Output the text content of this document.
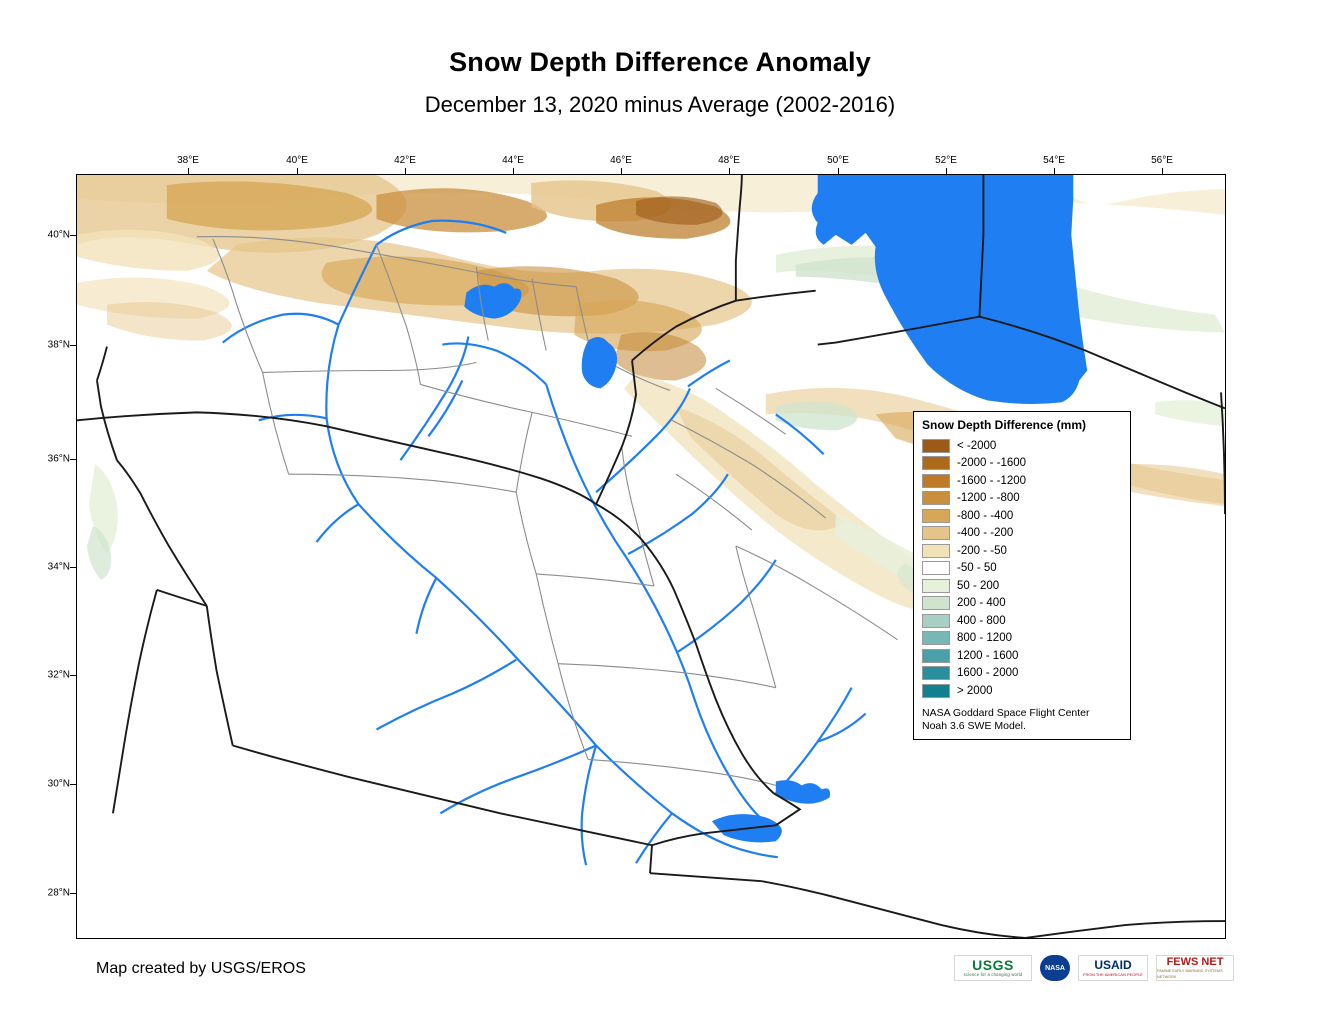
Snow Depth Difference Anomaly
December 13, 2020 minus Average (2002-2016)
38°E	40°E	42°E	44°E	46°E	48°E	50°E	52°E	54°E	56°E
40°N
38°N
36°N
34°N
32°N
30°N
28°N
Snow Depth Difference (mm)
< -2000
-2000 - -1600
-1600 - -1200
-1200 - -800
-800 - -400
-400 - -200
-200 - -50
-50 - 50
50 - 200
200 - 400
400 - 800
800 - 1200
1200 - 1600
1600 - 2000
> 2000
NASA Goddard Space Flight Center
Noah 3.6 SWE Model.
Map created by USGS/EROS	USGS
science for a changing world
NASA USAID
FROM THE AMERICAN PEOPLE
FEWS NET
FAMINE EARLY WARNING SYSTEMS NETWORK
